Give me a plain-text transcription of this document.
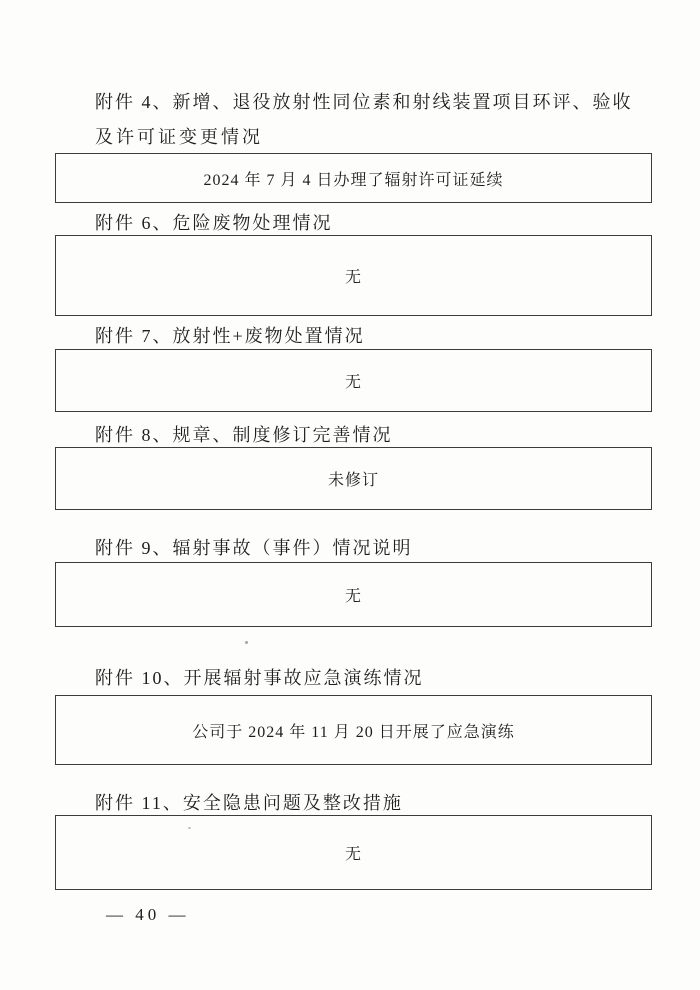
附件 4、新增、退役放射性同位素和射线装置项目环评、验收
及许可证变更情况
2024 年 7 月 4 日办理了辐射许可证延续
附件 6、危险废物处理情况
无
附件 7、放射性+废物处置情况
无
附件 8、规章、制度修订完善情况
未修订
附件 9、辐射事故（事件）情况说明
无
附件 10、开展辐射事故应急演练情况
公司于 2024 年 11 月 20 日开展了应急演练
附件 11、安全隐患问题及整改措施
无
— 40 —
